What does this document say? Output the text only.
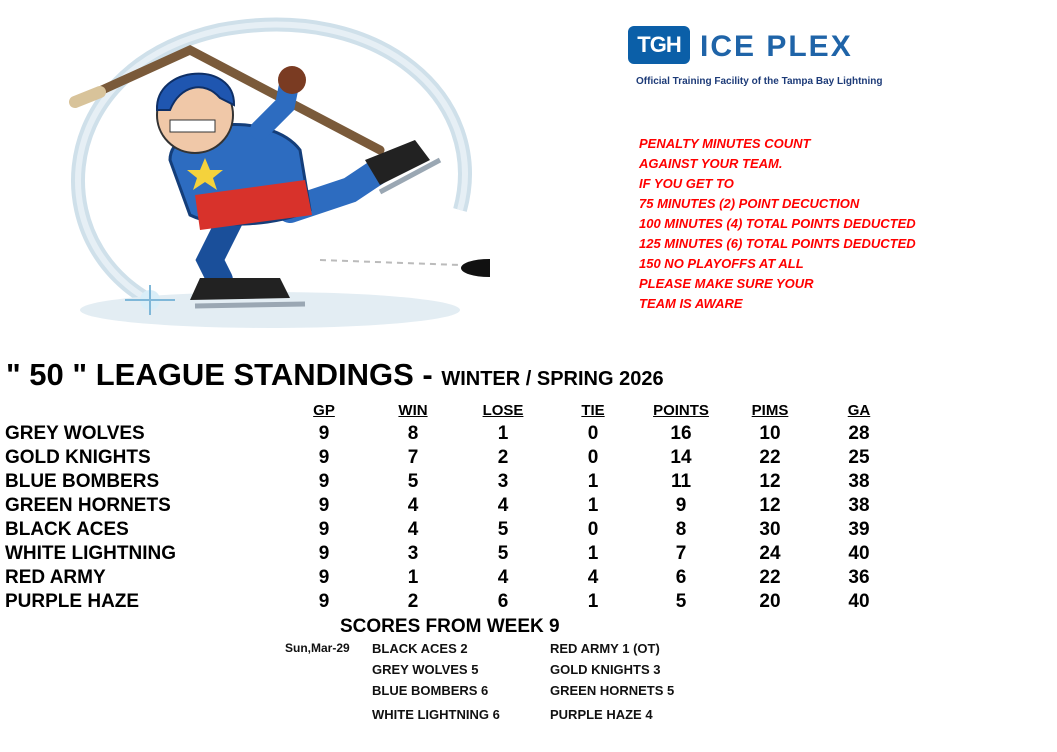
TGH ICE PLEX
Official Training Facility of the Tampa Bay Lightning
PENALTY MINUTES COUNT
AGAINST YOUR TEAM.
IF YOU GET TO
75 MINUTES (2) POINT DECUCTION
100 MINUTES (4) TOTAL POINTS DEDUCTED
125 MINUTES (6) TOTAL POINTS DEDUCTED
150 NO PLAYOFFS AT ALL
PLEASE MAKE SURE YOUR
TEAM IS AWARE
" 50 " LEAGUE STANDINGS - WINTER / SPRING 2026
GP	WIN	LOSE	TIE	POINTS	PIMS	GA
GREY WOLVES	9	8	1	0	16	10	28
GOLD KNIGHTS	9	7	2	0	14	22	25
BLUE BOMBERS	9	5	3	1	11	12	38
GREEN HORNETS	9	4	4	1	9	12	38
BLACK ACES	9	4	5	0	8	30	39
WHITE LIGHTNING	9	3	5	1	7	24	40
RED ARMY	9	1	4	4	6	22	36
PURPLE HAZE	9	2	6	1	5	20	40
SCORES FROM WEEK 9
Sun,Mar-29 BLACK ACES 2	RED ARMY 1 (OT)
GREY WOLVES 5	GOLD KNIGHTS 3
BLUE BOMBERS 6	GREEN HORNETS 5
WHITE LIGHTNING 6	PURPLE HAZE 4
